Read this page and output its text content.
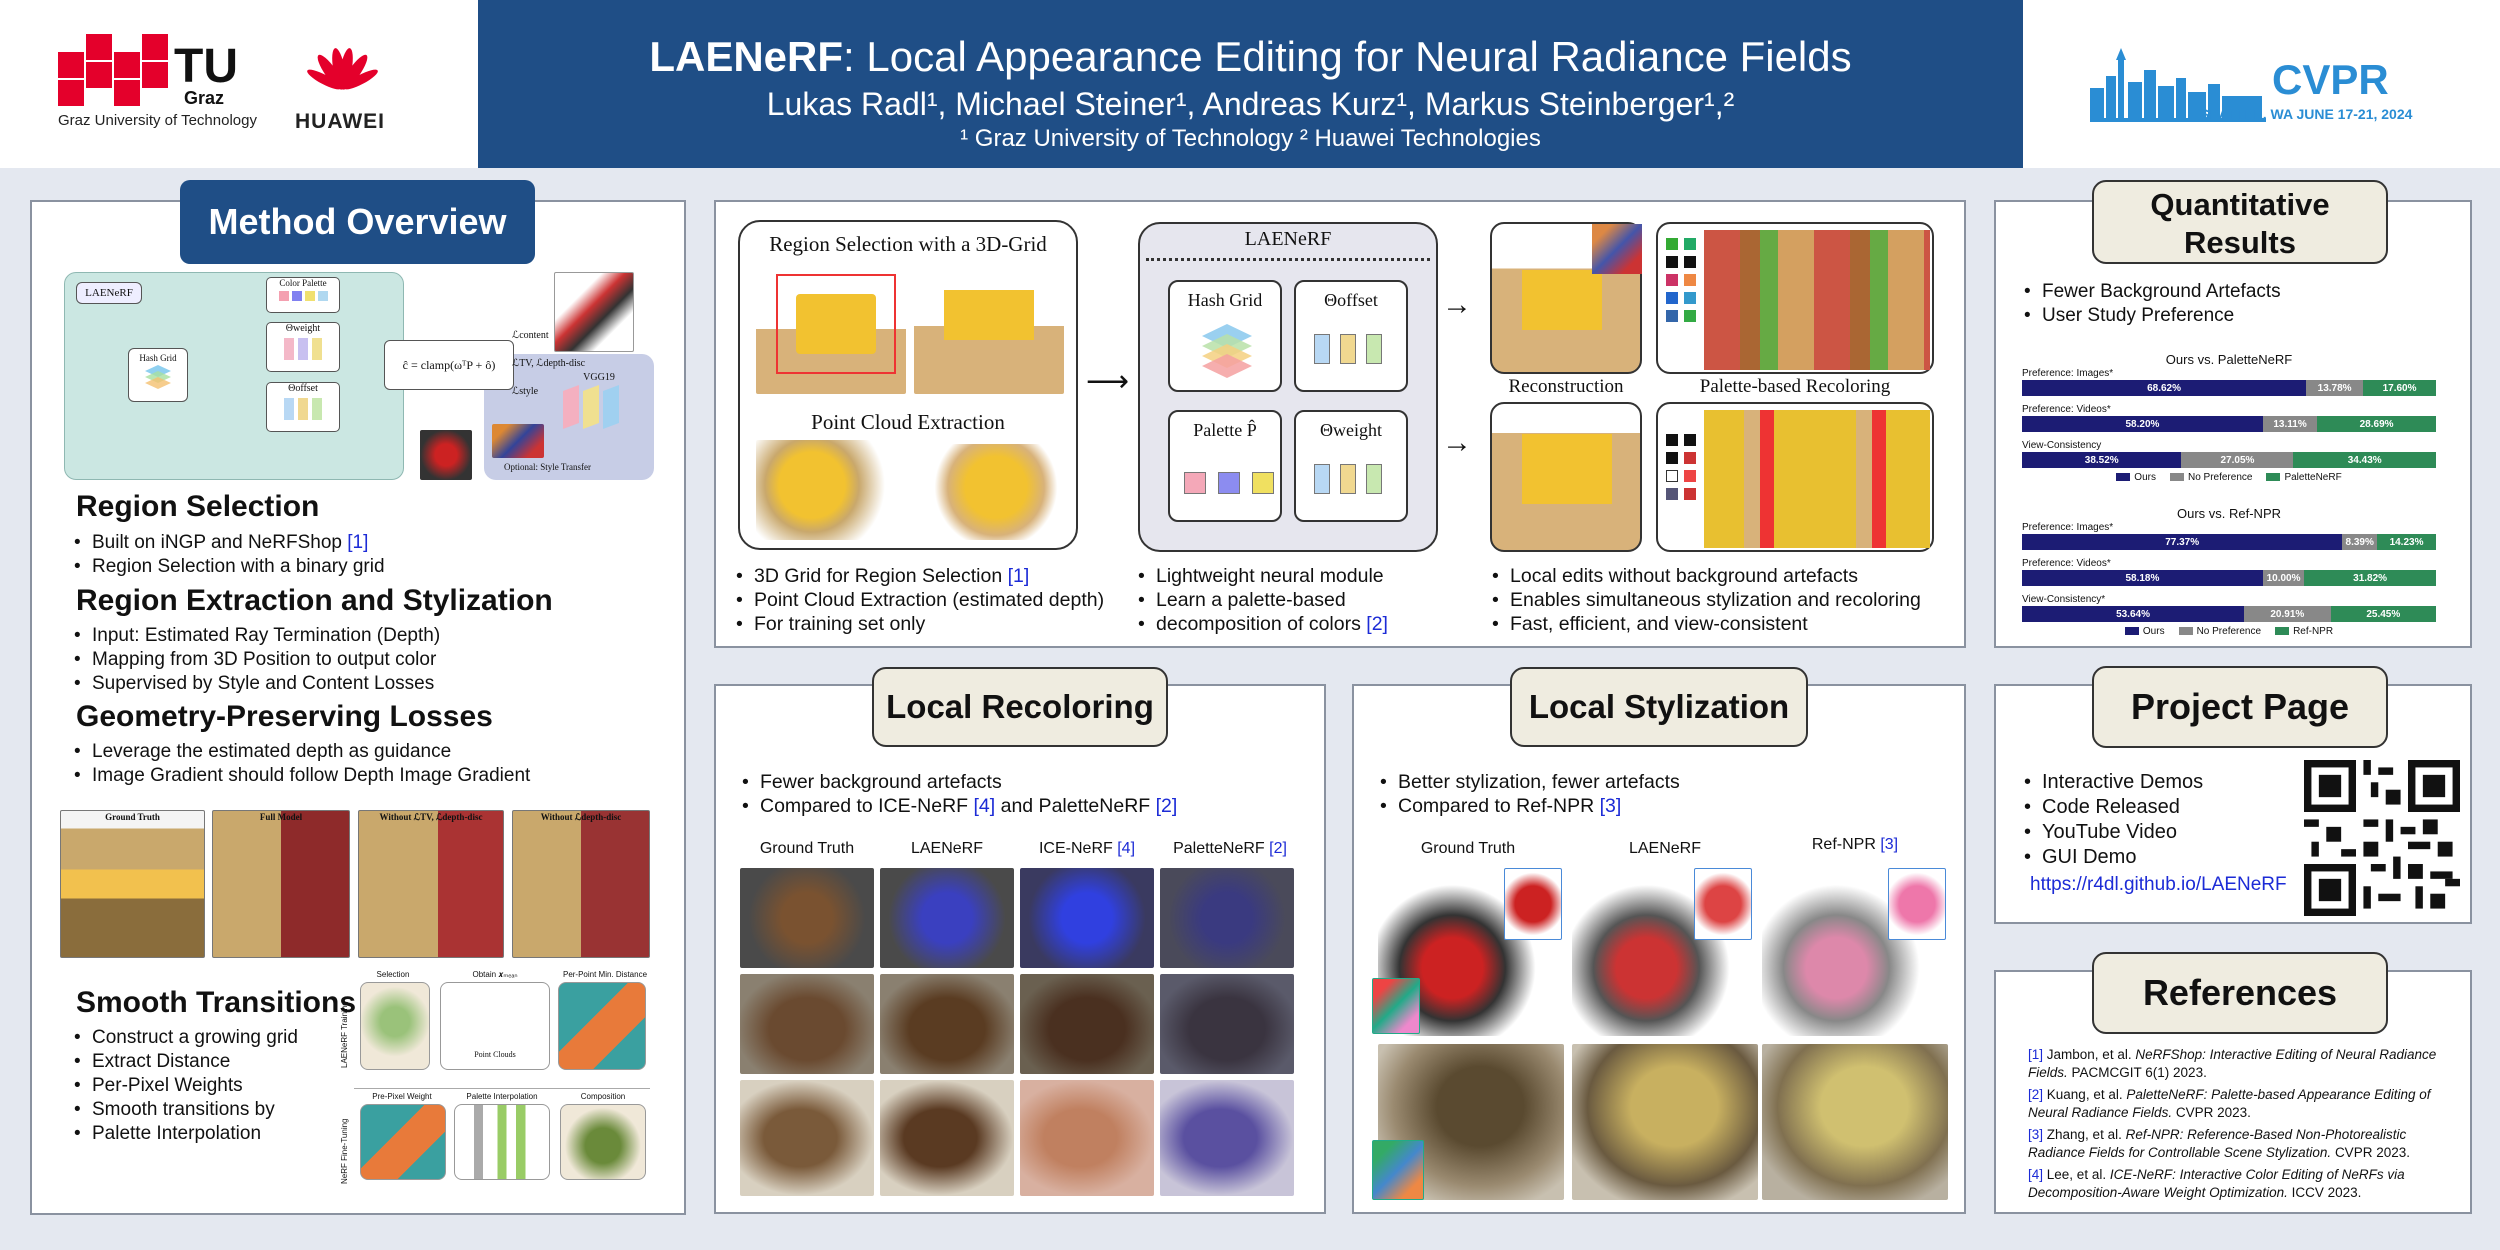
TU
Graz
Graz University of Technology HUAWEI
LAENeRF: Local Appearance Editing for Neural Radiance Fields
Lukas Radl¹, Michael Steiner¹, Andreas Kurz¹, Markus Steinberger¹,²
¹ Graz University of Technology ² Huawei Technologies
CVPR
SEATTLE, WA JUNE 17-21, 2024
Method Overview
LAENeRF
Hash Grid
Color Palette
Θweight
Θoffset
ĉ = clamp(ωᵀP + ô)
VGG19
Optional: Style Transfer
ℒcontent
ℒTV, ℒdepth-disc
ℒstyle
Region Selection
• Built on iNGP and NeRFShop [1]
• Region Selection with a binary grid
Region Extraction and Stylization
• Input: Estimated Ray Termination (Depth)
• Mapping from 3D Position to output color
• Supervised by Style and Content Losses
Geometry-Preserving Losses
• Leverage the estimated depth as guidance
• Image Gradient should follow Depth Image Gradient
Ground Truth	Full Model	Without ℒTV, ℒdepth-disc	Without ℒdepth-disc
Smooth Transitions
• Construct a growing grid
• Extract Distance
• Per-Pixel Weights
• Smooth transitions by
• Palette Interpolation
LAENeRF Training
NeRF Fine-Tuning
Selection	Obtain 𝒙ₘₑₐₙ	Per-Point Min. Distance
Point Clouds
Pre-Pixel Weight	Palette Interpolation	Composition
Region Selection with a 3D-Grid
Point Cloud Extraction
⟶
LAENeRF
Hash Grid	Θoffset
Palette P̂	Θweight
→
→
Reconstruction	Palette-based Recoloring
• 3D Grid for Region Selection [1]
• Point Cloud Extraction (estimated depth)
• For training set only
• Lightweight neural module
• Learn a palette-based
• decomposition of colors [2]
• Local edits without background artefacts
• Enables simultaneous stylization and recoloring
• Fast, efficient, and view-consistent
Local Recoloring
• Fewer background artefacts
• Compared to ICE-NeRF [4] and PaletteNeRF [2]
Ground Truth	LAENeRF	ICE-NeRF [4]	PaletteNeRF [2]
Local Stylization
• Better stylization, fewer artefacts
• Compared to Ref-NPR [3]
Ground Truth	LAENeRF	Ref-NPR [3]
Quantitative
Results
• Fewer Background Artefacts
• User Study Preference
Ours vs. PaletteNeRF
Preference: Images*
68.62%	13.78%	17.60%
Preference: Videos*
58.20%	13.11%	28.69%
View-Consistency
38.52%	27.05%	34.43%
Ours	No Preference	PaletteNeRF
Ours vs. Ref-NPR
Preference: Images*
77.37%	8.39%	14.23%
Preference: Videos*
58.18%	10.00%	31.82%
View-Consistency*
53.64%	20.91%	25.45%
Ours	No Preference	Ref-NPR
Project Page
• Interactive Demos
• Code Released
• YouTube Video
• GUI Demo
https://r4dl.github.io/LAENeRF
References

[1] Jambon, et al. NeRFShop: Interactive Editing of Neural Radiance Fields. PACMCGIT 6(1) 2023.

[2] Kuang, et al. PaletteNeRF: Palette-based Appearance Editing of Neural Radiance Fields. CVPR 2023.

[3] Zhang, et al. Ref-NPR: Reference-Based Non-Photorealistic Radiance Fields for Controllable Scene Stylization. CVPR 2023.

[4] Lee, et al. ICE-NeRF: Interactive Color Editing of NeRFs via Decomposition-Aware Weight Optimization. ICCV 2023.
